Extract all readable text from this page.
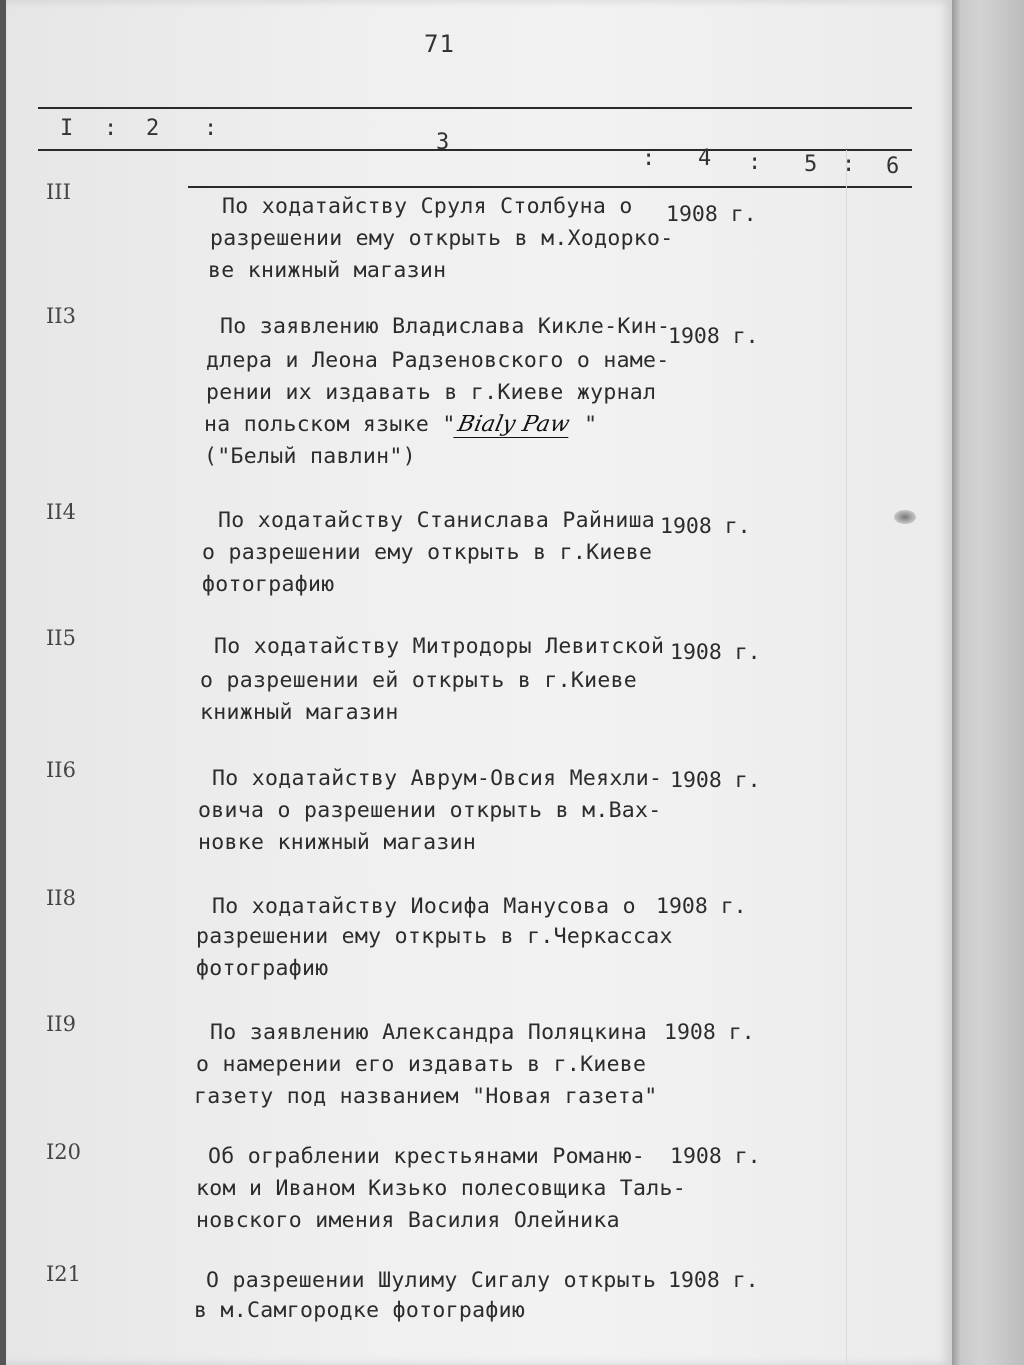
71
I : 2 :
3
: 4 : 5 : 6
III
По ходатайству Сруля Столбуна о
разрешении ему открыть в м.Ходорко-
ве книжный магазин
1908 г.
II3	По заявлению Владислава Кикле-Кин-
длера и Леона Радзеновского о наме-
рении их издавать в г.Киеве журнал
на польском языке "Bialy Paw "
("Белый павлин")
1908 г.
II4	По ходатайству Станислава Райниша
о разрешении ему открыть в г.Киеве
фотографию
1908 г.
II5	По ходатайству Митродоры Левитской
о разрешении ей открыть в г.Киеве
книжный магазин
1908 г.
II6	По ходатайству Аврум-Овсия Меяхли-
овича о разрешении открыть в м.Вах-
новке книжный магазин
1908 г.
II8	По ходатайству Иосифа Манусова о
разрешении ему открыть в г.Черкассах
фотографию
1908 г.
II9	По заявлению Александра Поляцкина
о намерении его издавать в г.Киеве
газету под названием "Новая газета"
1908 г.
I20	Об ограблении крестьянами Романю-
ком и Иваном Кизько полесовщика Таль-
новского имения Василия Олейника
1908 г.
I21	О разрешении Шулиму Сигалу открыть
в м.Самгородке фотографию
1908 г.
